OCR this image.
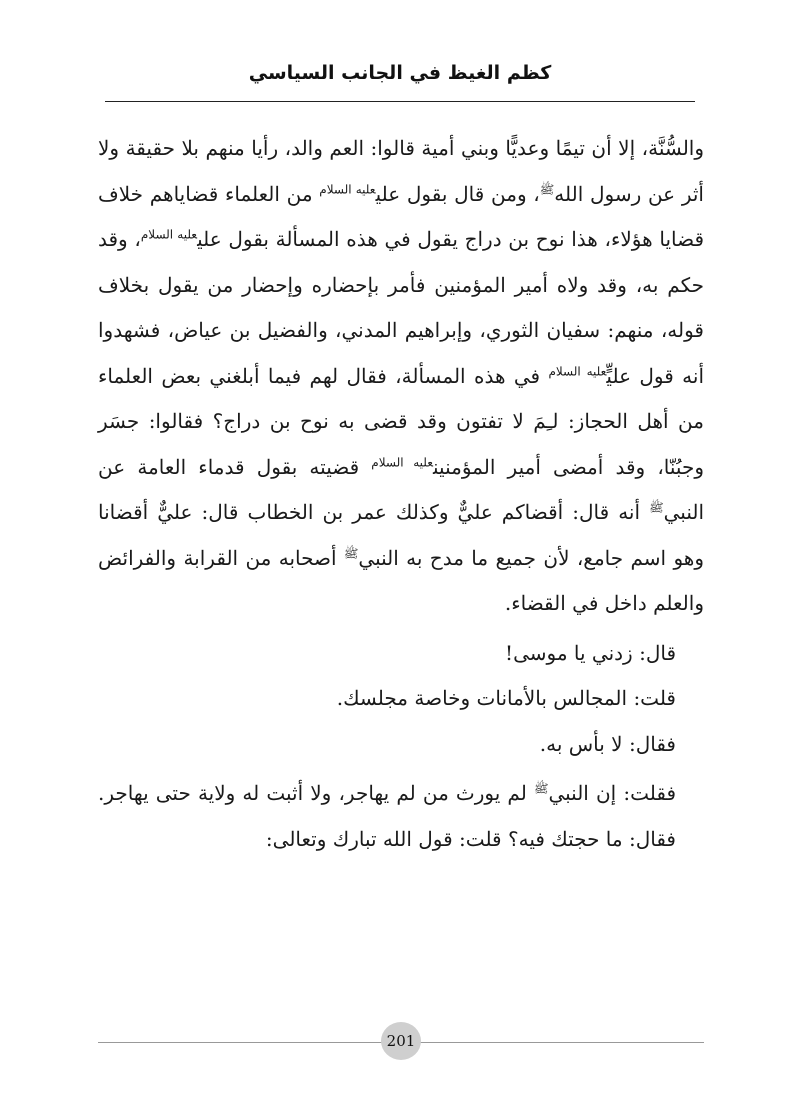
كظم الغيظ في الجانب السياسي

والسُّنَّة، إلا أن تيمًا وعديًّا وبني أمية قالوا: العم والد، رأيا منهم بلا حقيقة ولا أثر عن رسول الله$^ﷺ$، ومن قال بقول علي$^{عليه السلام}$ من العلماء قضاياهم خلاف قضايا هؤلاء، هذا نوح بن دراج يقول في هذه المسألة بقول علي$^{عليه السلام}$، وقد حكم به، وقد ولاه أمير المؤمنين فأمر بإحضاره وإحضار من يقول بخلاف قوله، منهم: سفيان الثوري، وإبراهيم المدني، والفضيل بن عياض، فشهدوا أنه قول عليٍّ$^{عليه السلام}$ في هذه المسألة، فقال لهم فيما أبلغني بعض العلماء من أهل الحجاز: لـِمَ لا تفتون وقد قضى به نوح بن دراج؟ فقالوا: جسَر وجبُنّا، وقد أمضى أمير المؤمنين$^{عليه السلام}$ قضيته بقول قدماء العامة عن النبي$^ﷺ$ أنه قال: أقضاكم عليٌّ وكذلك عمر بن الخطاب قال: عليٌّ أقضانا وهو اسم جامع، لأن جميع ما مدح به النبي$^ﷺ$ أصحابه من القرابة والفرائض والعلم داخل في القضاء.

قال: زدني يا موسى!

قلت: المجالس بالأمانات وخاصة مجلسك.

فقال: لا بأس به.

فقلت: إن النبي$^ﷺ$ لم يورث من لم يهاجر، ولا أثبت له ولاية حتى يهاجر. فقال: ما حجتك فيه؟ قلت: قول الله تبارك وتعالى:

201
